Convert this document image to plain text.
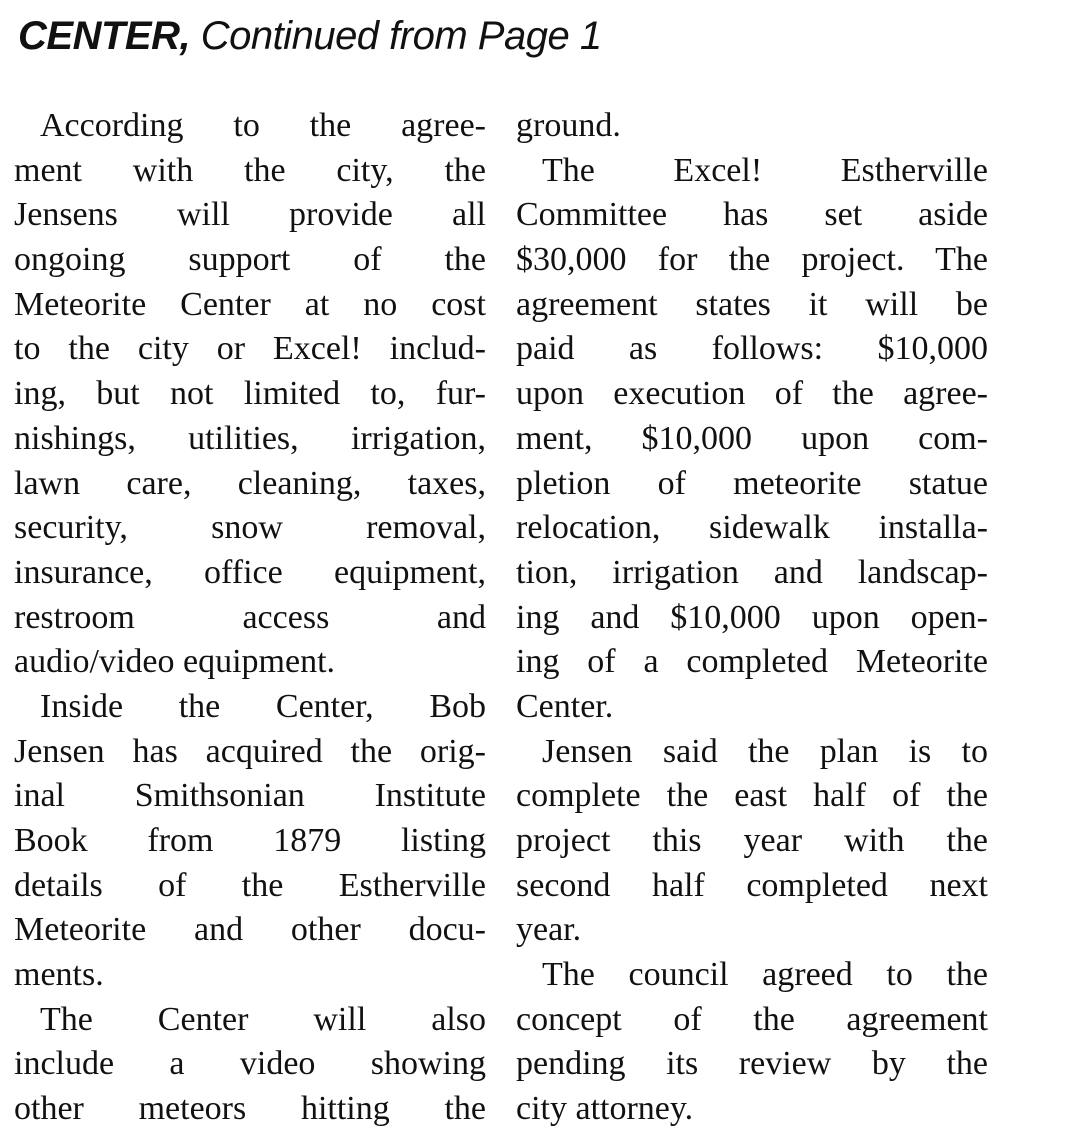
CENTER, Continued from Page 1
According to the agree-
ment with the city, the
Jensens will provide all
ongoing support of the
Meteorite Center at no cost
to the city or Excel! includ-
ing, but not limited to, fur-
nishings, utilities, irrigation,
lawn care, cleaning, taxes,
security, snow removal,
insurance, office equipment,
restroom access and
audio/video equipment.
Inside the Center, Bob
Jensen has acquired the orig-
inal Smithsonian Institute
Book from 1879 listing
details of the Estherville
Meteorite and other docu-
ments.
The Center will also
include a video showing
other meteors hitting the
ground.
The Excel! Estherville
Committee has set aside
$30,000 for the project. The
agreement states it will be
paid as follows: $10,000
upon execution of the agree-
ment, $10,000 upon com-
pletion of meteorite statue
relocation, sidewalk installa-
tion, irrigation and landscap-
ing and $10,000 upon open-
ing of a completed Meteorite
Center.
Jensen said the plan is to
complete the east half of the
project this year with the
second half completed next
year.
The council agreed to the
concept of the agreement
pending its review by the
city attorney.
